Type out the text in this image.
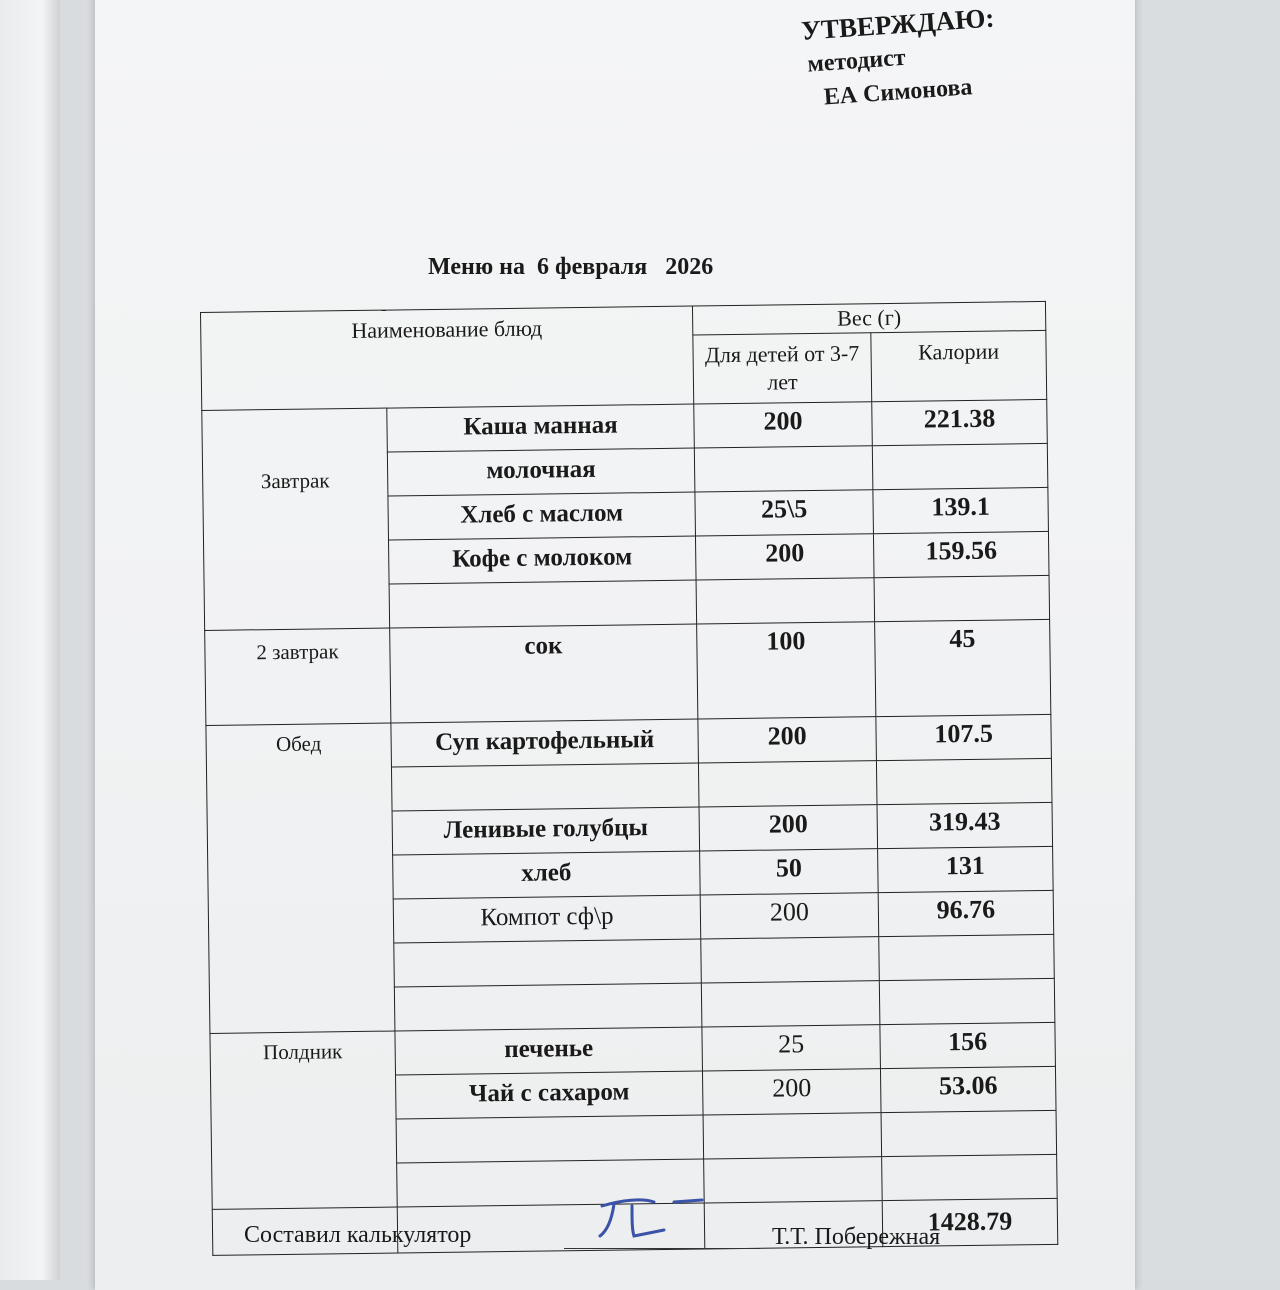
УТВЕРЖДАЮ:
методист
ЕА Симонова
Меню на  6 февраля   2026
Наименование блюд		Вес (г)	
		Для детей от 3-7 лет	Калории
Завтрак	Каша манная	200	221.38
	молочная		
	Хлеб с маслом	25\5	139.1
	Кофе с молоком	200	159.56

2 завтрак	сок	100	45
Обед	Суп картофельный	200	107.5

	Ленивые голубцы	200	319.43
	хлеб	50	131
	Компот сф\р	200	96.76

Полдник	печенье	25	156
	Чай с сахаром	200	53.06

			1428.79
Составил калькулятор	Т.Т. Побережная
